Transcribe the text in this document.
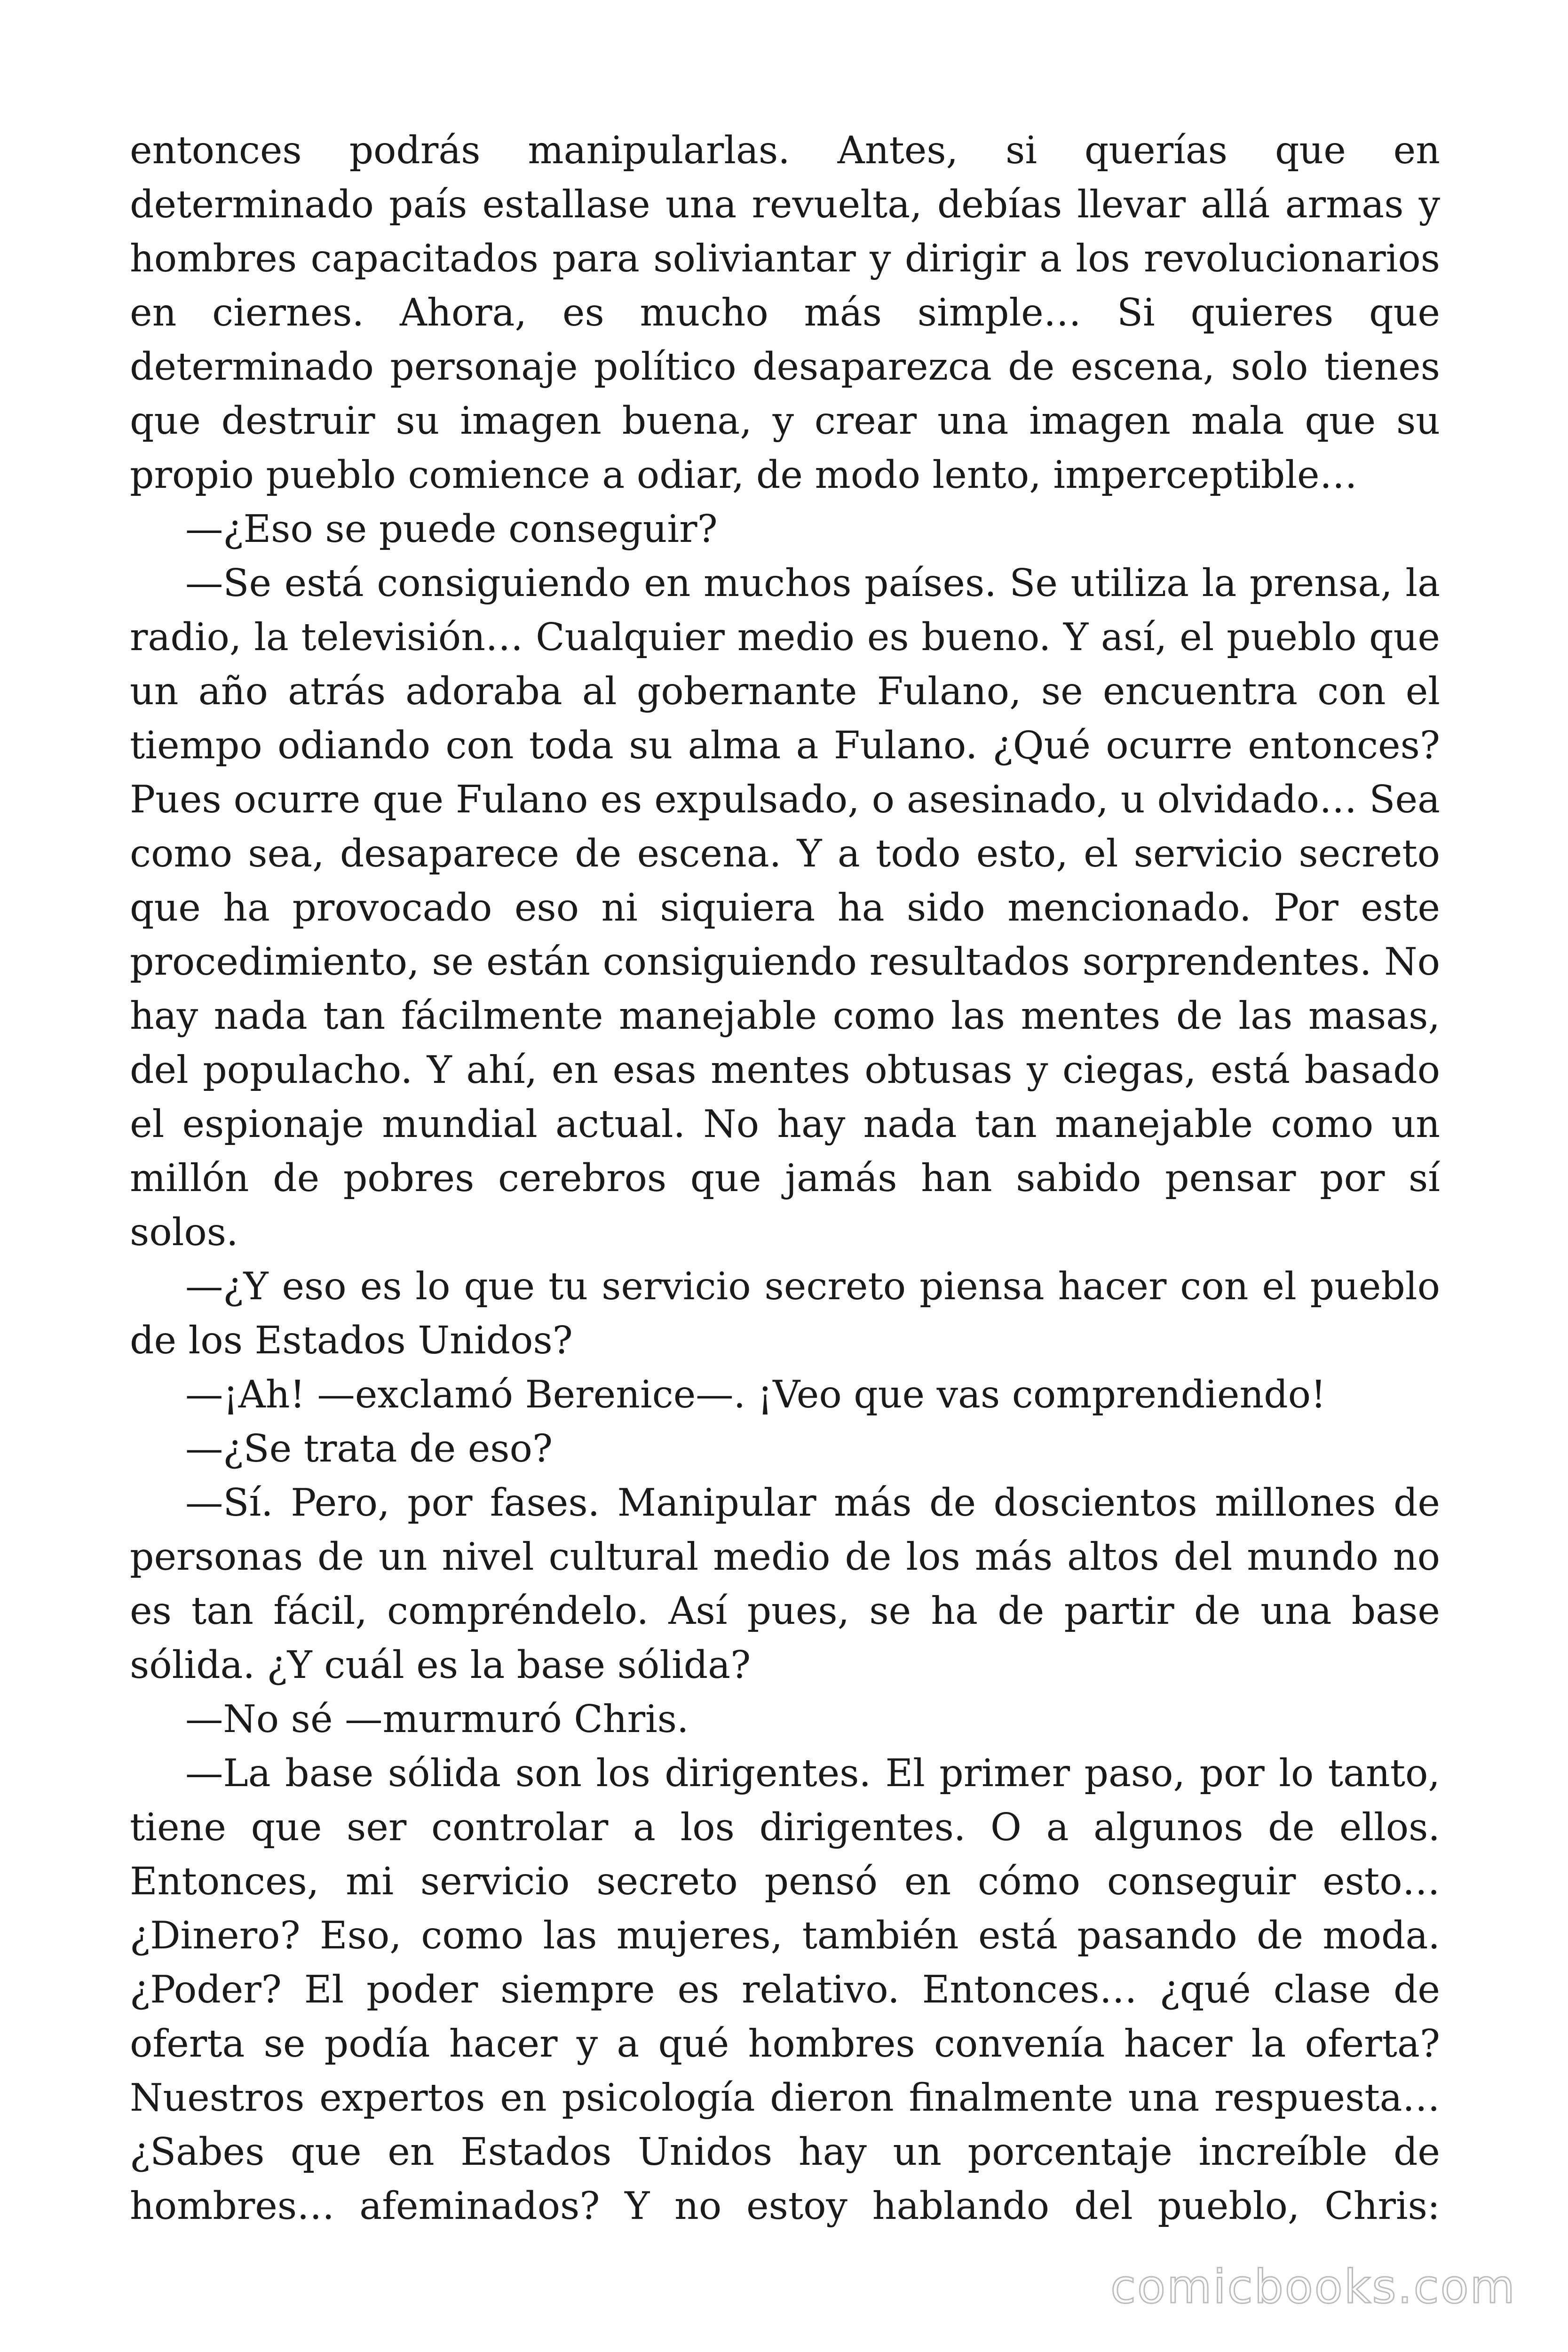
entonces podrás manipularlas. Antes, si querías que en determinado país estallase una revuelta, debías llevar allá armas y hombres capacitados para soliviantar y dirigir a los revolucionarios en ciernes. Ahora, es mucho más simple… Si quieres que determinado personaje político desaparezca de escena, solo tienes que destruir su imagen buena, y crear una imagen mala que su propio pueblo comience a odiar, de modo lento, imperceptible…

—¿Eso se puede conseguir?

—Se está consiguiendo en muchos países. Se utiliza la prensa, la radio, la televisión… Cualquier medio es bueno. Y así, el pueblo que un año atrás adoraba al gobernante Fulano, se encuentra con el tiempo odiando con toda su alma a Fulano. ¿Qué ocurre entonces? Pues ocurre que Fulano es expulsado, o asesinado, u olvidado… Sea como sea, desaparece de escena. Y a todo esto, el servicio secreto que ha provocado eso ni siquiera ha sido mencionado. Por este procedimiento, se están consiguiendo resultados sorprendentes. No hay nada tan fácilmente manejable como las mentes de las masas, del populacho. Y ahí, en esas mentes obtusas y ciegas, está basado el espionaje mundial actual. No hay nada tan manejable como un millón de pobres cerebros que jamás han sabido pensar por sí solos.

—¿Y eso es lo que tu servicio secreto piensa hacer con el pueblo de los Estados Unidos?

—¡Ah! —exclamó Berenice—. ¡Veo que vas comprendiendo!

—¿Se trata de eso?

—Sí. Pero, por fases. Manipular más de doscientos millones de personas de un nivel cultural medio de los más altos del mundo no es tan fácil, compréndelo. Así pues, se ha de partir de una base sólida. ¿Y cuál es la base sólida?

—No sé —murmuró Chris.

—La base sólida son los dirigentes. El primer paso, por lo tanto, tiene que ser controlar a los dirigentes. O a algunos de ellos. Entonces, mi servicio secreto pensó en cómo conseguir esto… ¿Dinero? Eso, como las mujeres, también está pasando de moda. ¿Poder? El poder siempre es relativo. Entonces… ¿qué clase de oferta se podía hacer y a qué hombres convenía hacer la oferta? Nuestros expertos en psicología dieron finalmente una respuesta… ¿Sabes que en Estados Unidos hay un porcentaje increíble de hombres… afeminados? Y no estoy hablando del pueblo, Chris:

comicbooks.com
